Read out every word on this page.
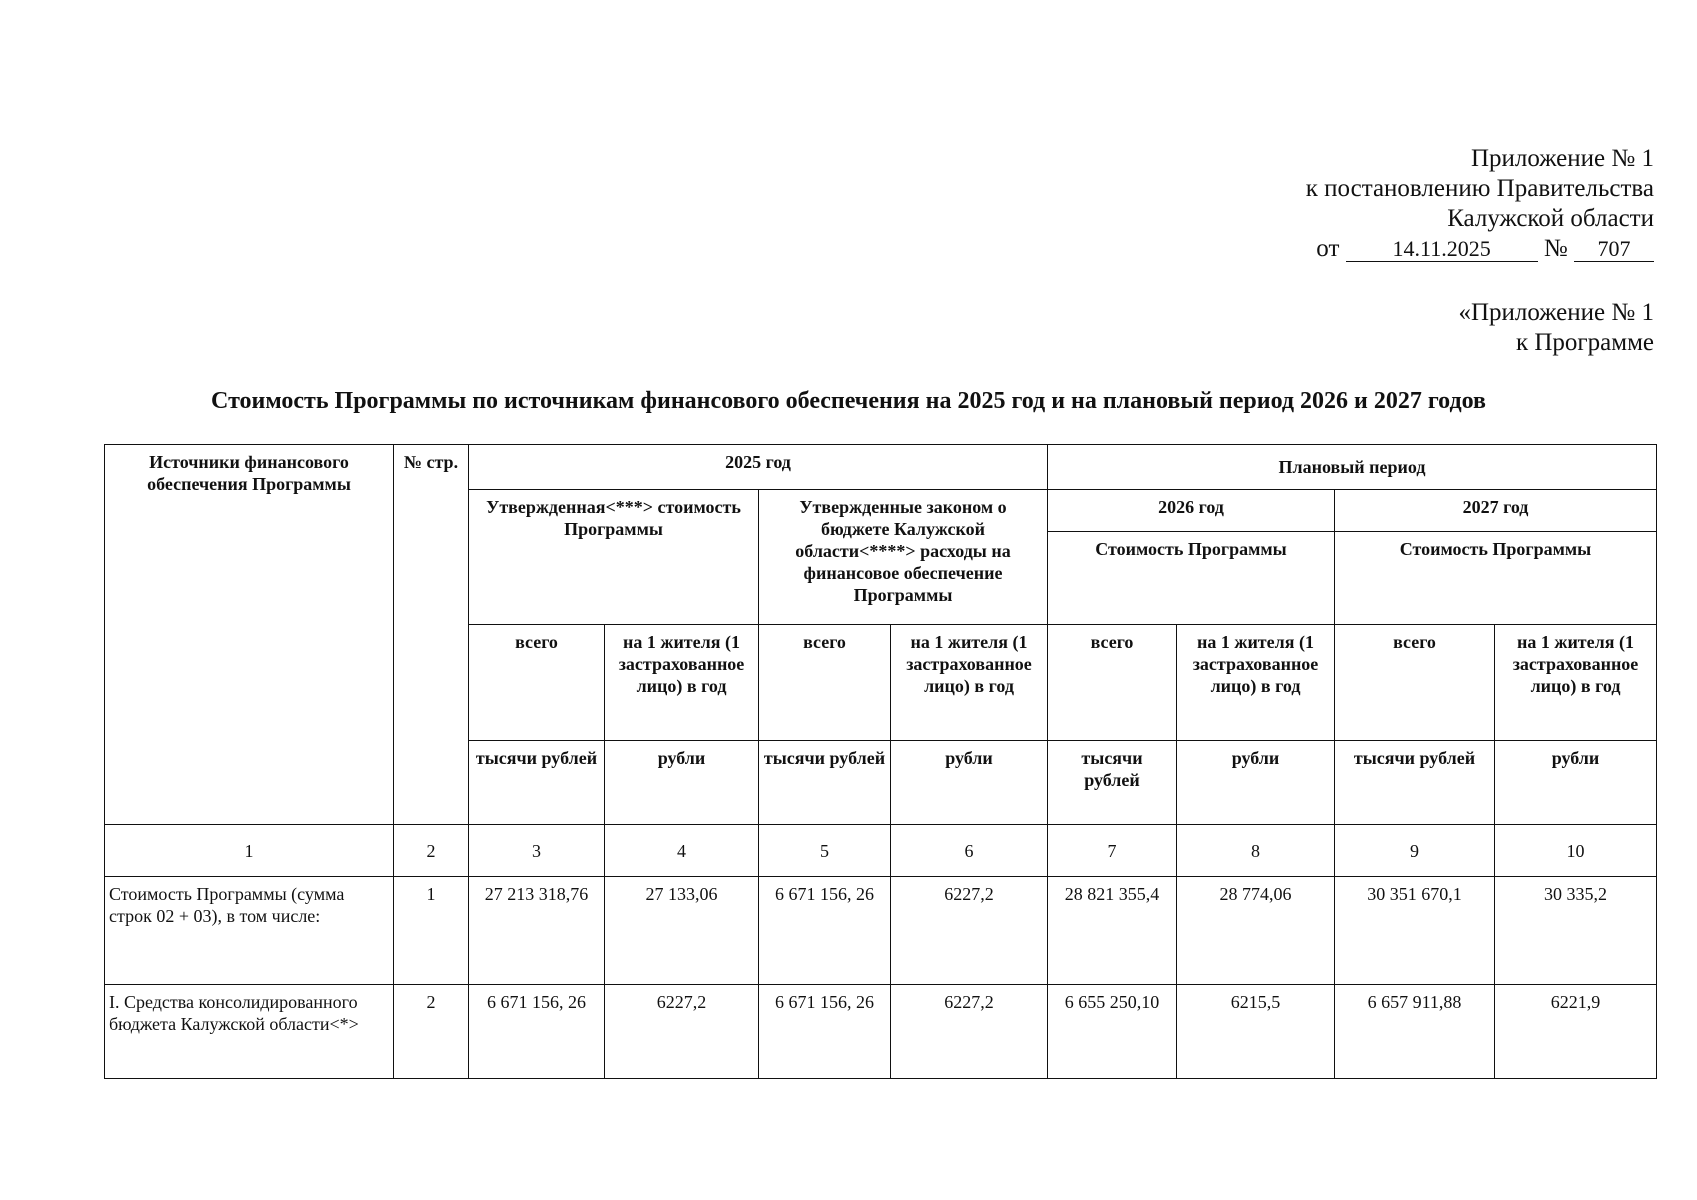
Приложение № 1
к постановлению Правительства
Калужской области
от 14.11.2025 № 707
«Приложение № 1
к Программе
Стоимость Программы по источникам финансового обеспечения на 2025 год и на плановый период 2026 и 2027 годов
Источники финансового обеспечения Программы	№ стр.	2025 год				Плановый период			
		Утвержденная<***> стоимость Программы		Утвержденные законом о бюджете Калужской области<****> расходы на финансовое обеспечение Программы		2026 год		2027 год	
						Стоимость Программы		Стоимость Программы	
		всего	на 1 жителя (1 застрахованное лицо) в год	всего	на 1 жителя (1 застрахованное лицо) в год	всего	на 1 жителя (1 застрахованное лицо) в год	всего	на 1 жителя (1 застрахованное лицо) в год
		тысячи рублей	рубли	тысячи рублей	рубли	тысячи рублей	рубли	тысячи рублей	рубли
1	2	3	4	5	6	7	8	9	10
Стоимость Программы (сумма строк 02 + 03), в том числе:	1	27 213 318,76	27 133,06	6 671 156, 26	6227,2	28 821 355,4	28 774,06	30 351 670,1	30 335,2
I. Средства консолидированного бюджета Калужской области<*>	2	6 671 156, 26	6227,2	6 671 156, 26	6227,2	6 655 250,10	6215,5	6 657 911,88	6221,9
